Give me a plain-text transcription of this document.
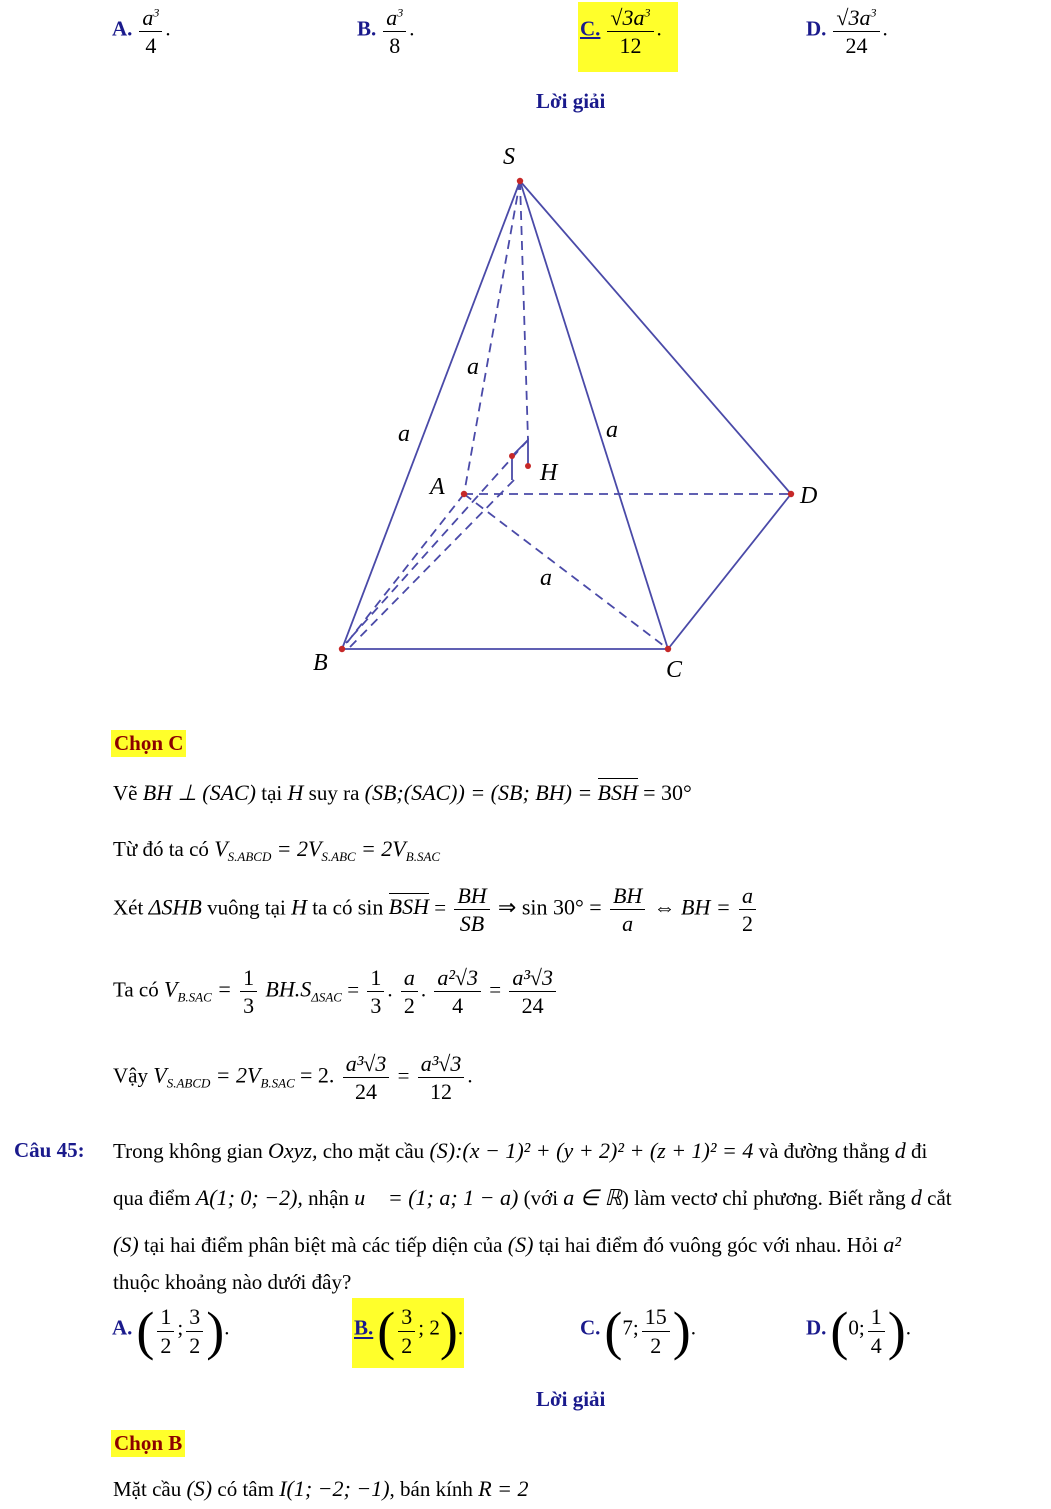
A. $\frac{a^3}{4}$ .	B. $\frac{a^3}{8}$ .	C. $\frac{√3a^3}{12}$ .	D. $\frac{√3a^3}{24}$ .
Lời giải
S
A
B	C
D
H
a
a	a
a
Chọn C
Vẽ BH ⊥ (SAC) tại H suy ra (SB;(SAC)) = (SB; BH) = BSH = 30°
Từ đó ta có $V_{S.ABCD} = 2V_{S.ABC} = 2V_{B.SAC}$
Xét ΔSHB vuông tại H ta có sin BSH = $\frac{BH}{SB}$ ⇒ $\sin 30^\circ = \frac{BH}{a}$ ⇔ BH = $\frac{a}{2}$
Ta có $V_{B.SAC} = \frac{1}{3} BH.S_{\Delta SAC} = \frac{1}{3}$ . $\frac{a}{2}$ . $\frac{\text{a²√3}}{4} = \frac{\text{a³√3}}{24}$
Vậy $V_{S.ABCD} = 2V_{B.SAC} = 2$. $\frac{\text{a³√3}}{24} = \frac{\text{a³√3}}{12}$ .
Câu 45: Trong không gian Oxyz, cho mặt cầu (S):(x − 1)² + (y + 2)² + (z + 1)² = 4 và đường thẳng d đi
qua điểm A(1; 0; −2), nhận u⃗ = (1; a; 1 − a) (với a ∈ ℝ) làm vectơ chỉ phương. Biết rằng d cắt
(S) tại hai điểm phân biệt mà các tiếp diện của (S) tại hai điểm đó vuông góc với nhau. Hỏi a²
thuộc khoảng nào dưới đây?
A. ( $\frac{1}{2}$ ; $\frac{3}{2}$ ).	B. ( $\frac{3}{2}$ ; 2).	C. (7; $\frac{15}{2}$ ).	D. (0; $\frac{1}{4}$ ).
Lời giải
Chọn B
Mặt cầu (S) có tâm I(1; −2; −1), bán kính R = 2
